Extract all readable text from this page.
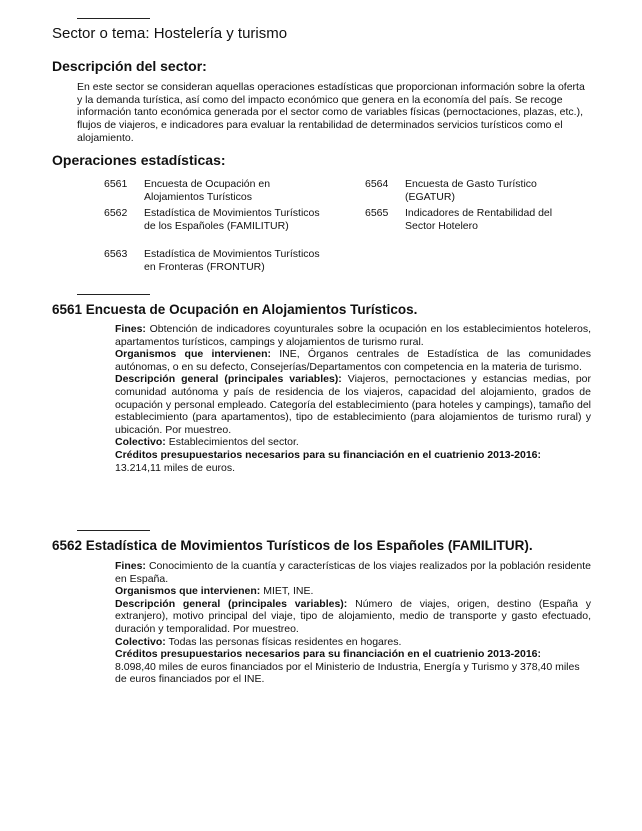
Sector o tema: Hostelería y turismo
Descripción del sector:
En este sector se consideran aquellas operaciones estadísticas que proporcionan información sobre la oferta y la demanda turística, así como del impacto económico que genera en la economía del país. Se recoge información tanto económica generada por el sector como de variables físicas (pernoctaciones, plazas, etc.), flujos de viajeros, e indicadores para evaluar la rentabilidad de determinados servicios turísticos como el alojamiento.
Operaciones estadísticas:
6561	Encuesta de Ocupación en Alojamientos Turísticos
6562	Estadística de Movimientos Turísticos de los Españoles (FAMILITUR)
6563	Estadística de Movimientos Turísticos en Fronteras (FRONTUR)
6564	Encuesta de Gasto Turístico (EGATUR)
6565	Indicadores de Rentabilidad del Sector Hotelero
6561 Encuesta de Ocupación en Alojamientos Turísticos.

Fines: Obtención de indicadores coyunturales sobre la ocupación en los establecimientos hoteleros, apartamentos turísticos, campings y alojamientos de turismo rural.

Organismos que intervienen: INE, Órganos centrales de Estadística de las comunidades autónomas, o en su defecto, Consejerías/Departamentos con competencia en la materia de turismo.

Descripción general (principales variables): Viajeros, pernoctaciones y estancias medias, por comunidad autónoma y país de residencia de los viajeros, capacidad del alojamiento, grados de ocupación y personal empleado. Categoría del establecimiento (para hoteles y campings), tamaño del establecimiento (para apartamentos), tipo de establecimiento (para alojamientos de turismo rural) y ubicación. Por muestreo.

Colectivo: Establecimientos del sector.

Créditos presupuestarios necesarios para su financiación en el cuatrienio 2013-2016:

13.214,11 miles de euros.

6562 Estadística de Movimientos Turísticos de los Españoles (FAMILITUR).

Fines: Conocimiento de la cuantía y características de los viajes realizados por la población residente en España.

Organismos que intervienen: MIET, INE.

Descripción general (principales variables): Número de viajes, origen, destino (España y extranjero), motivo principal del viaje, tipo de alojamiento, medio de transporte y gasto efectuado, duración y temporalidad. Por muestreo.

Colectivo: Todas las personas físicas residentes en hogares.

Créditos presupuestarios necesarios para su financiación en el cuatrienio 2013-2016:

8.098,40 miles de euros financiados por el Ministerio de Industria, Energía y Turismo y 378,40 miles de euros financiados por el INE.
